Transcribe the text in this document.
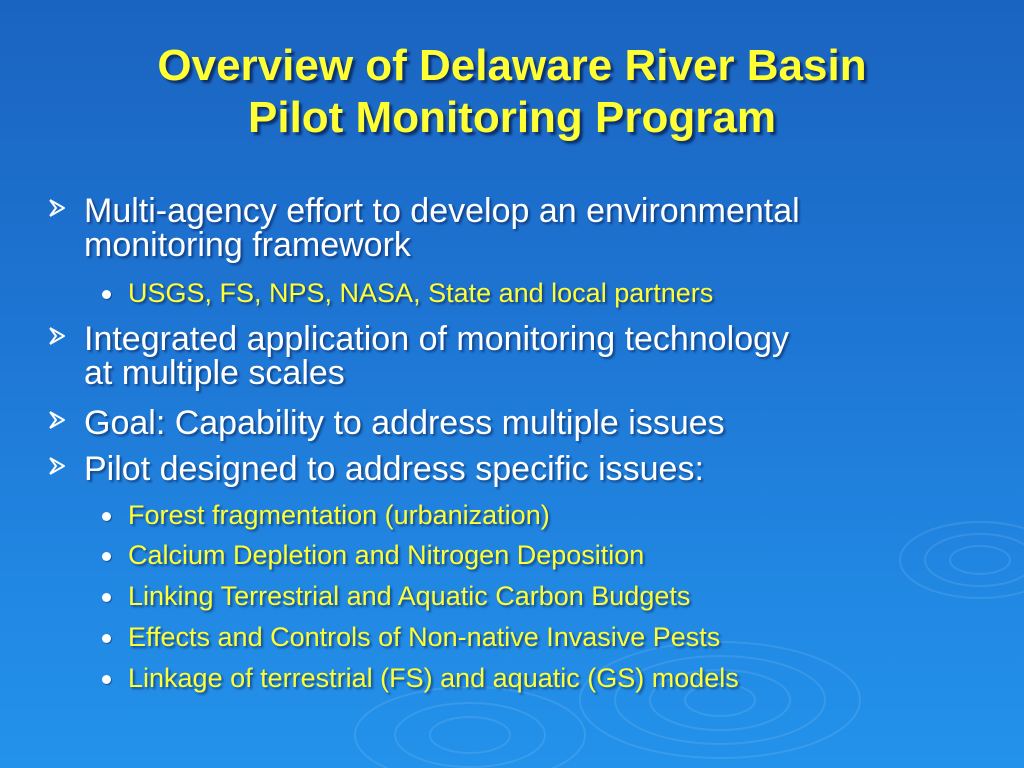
Overview of Delaware River Basin
Pilot Monitoring Program
Multi-agency effort to develop an environmental
monitoring framework
USGS, FS, NPS, NASA, State and local partners
Integrated application of monitoring technology
at multiple scales
Goal: Capability to address multiple issues
Pilot designed to address specific issues:
Forest fragmentation (urbanization)
Calcium Depletion and Nitrogen Deposition
Linking Terrestrial and Aquatic Carbon Budgets
Effects and Controls of Non-native Invasive Pests
Linkage of terrestrial (FS) and aquatic (GS) models
